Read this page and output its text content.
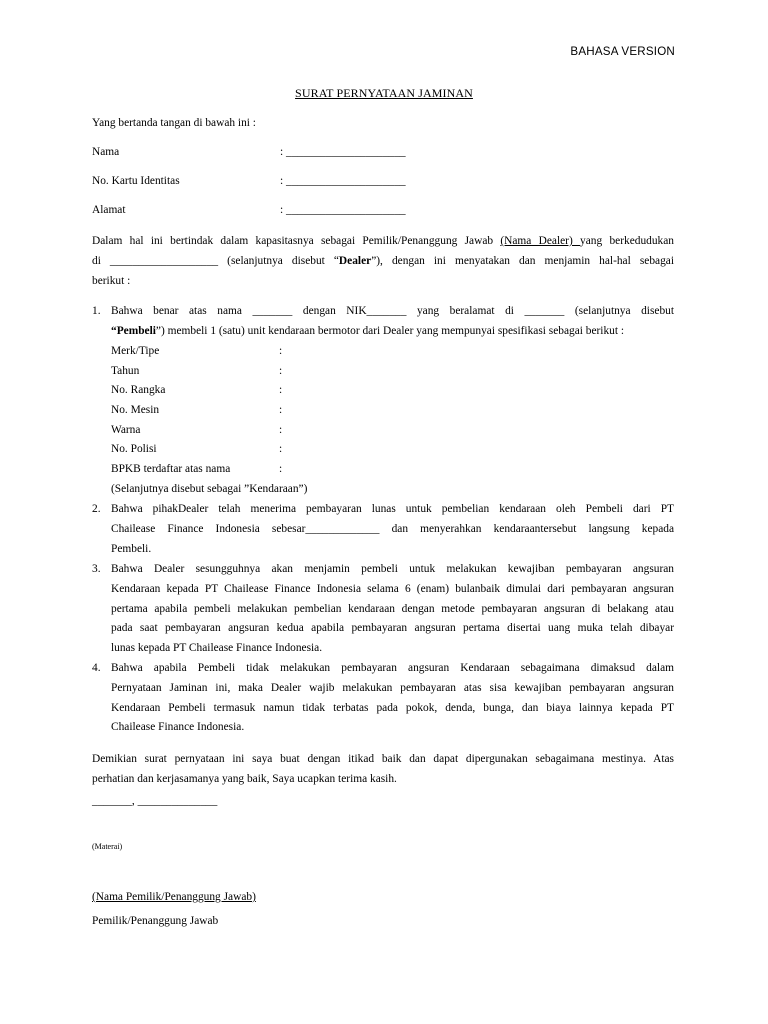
BAHASA VERSION
SURAT PERNYATAAN JAMINAN
Yang bertanda tangan di bawah ini :
Nama	: _____________________
No. Kartu Identitas	: _____________________
Alamat	: _____________________
Dalam hal ini bertindak dalam kapasitasnya sebagai Pemilik/Penanggung Jawab (Nama Dealer) yang berkedudukan
di ___________________ (selanjutnya disebut “Dealer”), dengan ini menyatakan dan menjamin hal-hal sebagai
berikut :
1. Bahwa benar atas nama _______ dengan NIK_______ yang beralamat di _______ (selanjutnya disebut
“Pembeli”) membeli 1 (satu) unit kendaraan bermotor dari Dealer yang mempunyai spesifikasi sebagai berikut :
Merk/Tipe	:
Tahun	:
No. Rangka	:
No. Mesin	:
Warna	:
No. Polisi	:
BPKB terdaftar atas nama	:
(Selanjutnya disebut sebagai ”Kendaraan”)
2. Bahwa pihakDealer telah menerima pembayaran lunas untuk pembelian kendaraan oleh Pembeli dari PT
Chailease Finance Indonesia sebesar_____________ dan menyerahkan kendaraantersebut langsung kepada
Pembeli.
3. Bahwa Dealer sesungguhnya akan menjamin pembeli untuk melakukan kewajiban pembayaran angsuran
Kendaraan kepada PT Chailease Finance Indonesia selama 6 (enam) bulanbaik dimulai dari pembayaran angsuran
pertama apabila pembeli melakukan pembelian kendaraan dengan metode pembayaran angsuran di belakang atau
pada saat pembayaran angsuran kedua apabila pembayaran angsuran pertama disertai uang muka telah dibayar
lunas kepada PT Chailease Finance Indonesia.
4. Bahwa apabila Pembeli tidak melakukan pembayaran angsuran Kendaraan sebagaimana dimaksud dalam
Pernyataan Jaminan ini, maka Dealer wajib melakukan pembayaran atas sisa kewajiban pembayaran angsuran
Kendaraan Pembeli termasuk namun tidak terbatas pada pokok, denda, bunga, dan biaya lainnya kepada PT
Chailease Finance Indonesia.
Demikian surat pernyataan ini saya buat dengan itikad baik dan dapat dipergunakan sebagaimana mestinya. Atas
perhatian dan kerjasamanya yang baik, Saya ucapkan terima kasih.
_______, ______________
(Materai)
(Nama Pemilik/Penanggung Jawab)
Pemilik/Penanggung Jawab
